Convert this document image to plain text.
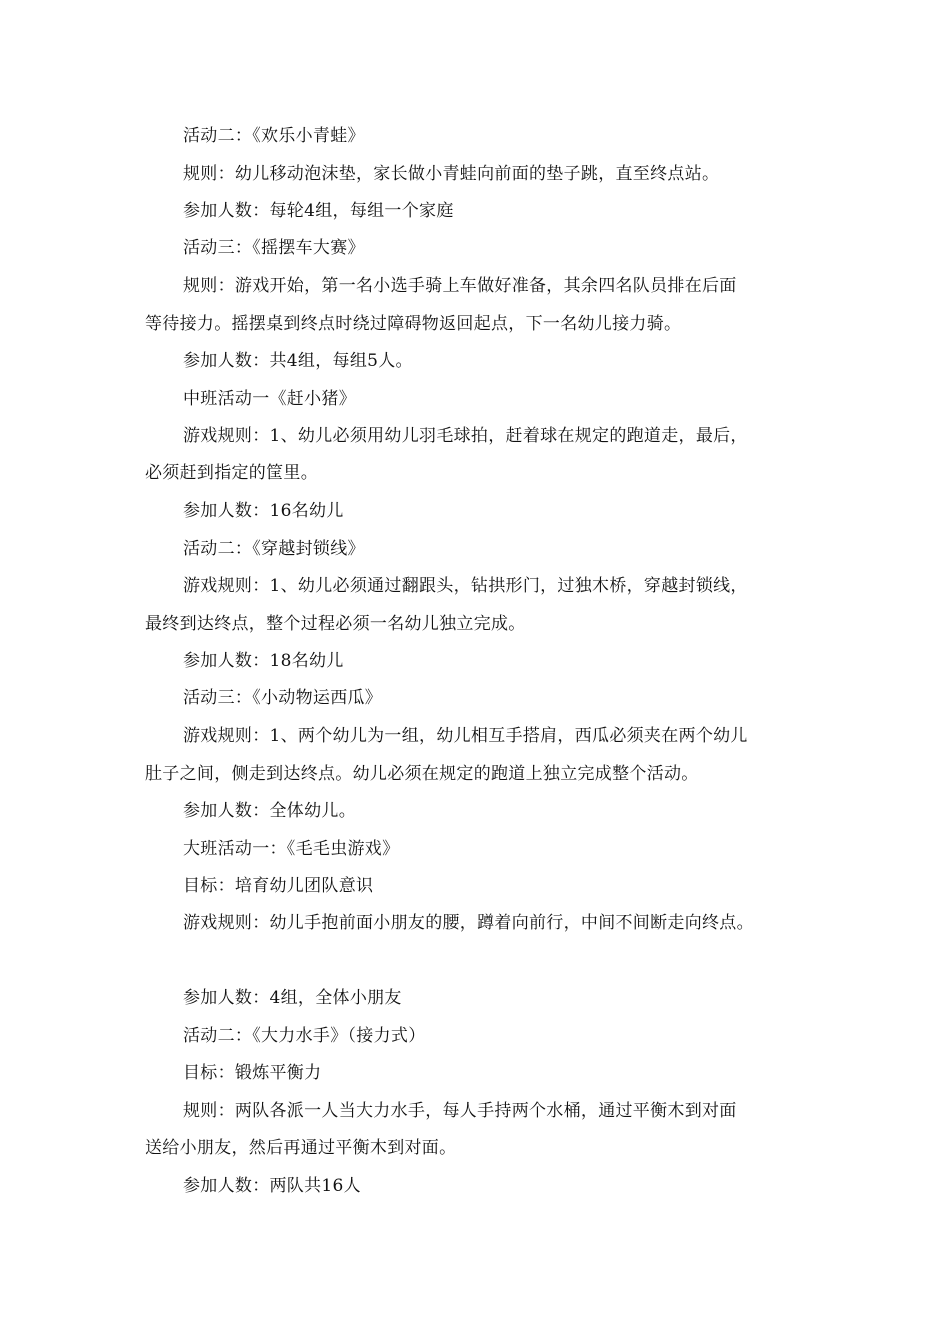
活动二：《欢乐小青蛙》
规则：幼儿移动泡沫垫，家长做小青蛙向前面的垫子跳，直至终点站。
参加人数：每轮4组，每组一个家庭
活动三：《摇摆车大赛》
规则：游戏开始，第一名小选手骑上车做好准备，其余四名队员排在后面
等待接力。摇摆桌到终点时绕过障碍物返回起点，下一名幼儿接力骑。
参加人数：共4组，每组5人。
中班活动一《赶小猪》
游戏规则：1、幼儿必须用幼儿羽毛球拍，赶着球在规定的跑道走，最后，
必须赶到指定的筐里。
参加人数：16名幼儿
活动二：《穿越封锁线》
游戏规则：1、幼儿必须通过翻跟头，钻拱形门，过独木桥，穿越封锁线，
最终到达终点，整个过程必须一名幼儿独立完成。
参加人数：18名幼儿
活动三：《小动物运西瓜》
游戏规则：1、两个幼儿为一组，幼儿相互手搭肩，西瓜必须夹在两个幼儿
肚子之间，侧走到达终点。幼儿必须在规定的跑道上独立完成整个活动。
参加人数：全体幼儿。
大班活动一：《毛毛虫游戏》
目标：培育幼儿团队意识
游戏规则：幼儿手抱前面小朋友的腰，蹲着向前行，中间不间断走向终点。
参加人数：4组，全体小朋友
活动二：《大力水手》（接力式）
目标：锻炼平衡力
规则：两队各派一人当大力水手，每人手持两个水桶，通过平衡木到对面
送给小朋友，然后再通过平衡木到对面。
参加人数：两队共16人
